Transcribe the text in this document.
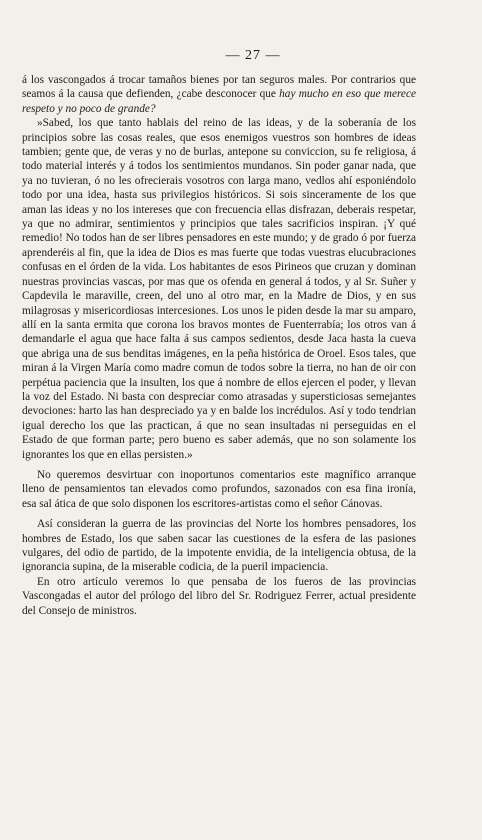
— 27 —

á los vascongados á trocar tamaños bienes por tan seguros males. Por contrarios que seamos á la causa que defienden, ¿cabe desconocer que hay mucho en eso que merece respeto y no poco de grande?

»Sabed, los que tanto hablais del reino de las ideas, y de la soberanía de los principios sobre las cosas reales, que esos enemigos vuestros son hombres de ideas tambien; gente que, de veras y no de burlas, antepone su conviccion, su fe religiosa, á todo material interés y á todos los sentimientos mundanos. Sin poder ganar nada, que ya no tuvieran, ó no les ofrecierais vosotros con larga mano, vedlos ahí esponiéndolo todo por una idea, hasta sus privilegios históricos. Si sois sinceramente de los que aman las ideas y no los intereses que con frecuencia ellas disfrazan, deberais respetar, ya que no admirar, sentimientos y principios que tales sacrificios inspiran. ¡Y qué remedio! No todos han de ser libres pensadores en este mundo; y de grado ó por fuerza aprenderéis al fin, que la idea de Dios es mas fuerte que todas vuestras elucubraciones confusas en el órden de la vida. Los habitantes de esos Pirineos que cruzan y dominan nuestras provincias vascas, por mas que os ofenda en general á todos, y al Sr. Suñer y Capdevila le maraville, creen, del uno al otro mar, en la Madre de Dios, y en sus milagrosas y misericordiosas intercesiones. Los unos le piden desde la mar su amparo, allí en la santa ermita que corona los bravos montes de Fuenterrabía; los otros van á demandarle el agua que hace falta á sus campos sedientos, desde Jaca hasta la cueva que abriga una de sus benditas imágenes, en la peña histórica de Oroel. Esos tales, que miran á la Virgen María como madre comun de todos sobre la tierra, no han de oir con perpétua paciencia que la insulten, los que á nombre de ellos ejercen el poder, y llevan la voz del Estado. Ni basta con despreciar como atrasadas y supersticiosas semejantes devociones: harto las han despreciado ya y en balde los incrédulos. Así y todo tendrian igual derecho los que las practican, á que no sean insultadas ni perseguidas en el Estado de que forman parte; pero bueno es saber además, que no son solamente los ignorantes los que en ellas persisten.»

No queremos desvirtuar con inoportunos comentarios este magnífico arranque lleno de pensamientos tan elevados como profundos, sazonados con esa fina ironía, esa sal ática de que solo disponen los escritores-artistas como el señor Cánovas.

Así consideran la guerra de las provincias del Norte los hombres pensadores, los hombres de Estado, los que saben sacar las cuestiones de la esfera de las pasiones vulgares, del odio de partido, de la impotente envidia, de la inteligencia obtusa, de la ignorancia supina, de la miserable codicia, de la pueril impaciencia.

En otro artículo veremos lo que pensaba de los fueros de las provincias Vascongadas el autor del prólogo del libro del Sr. Rodriguez Ferrer, actual presidente del Consejo de ministros.
